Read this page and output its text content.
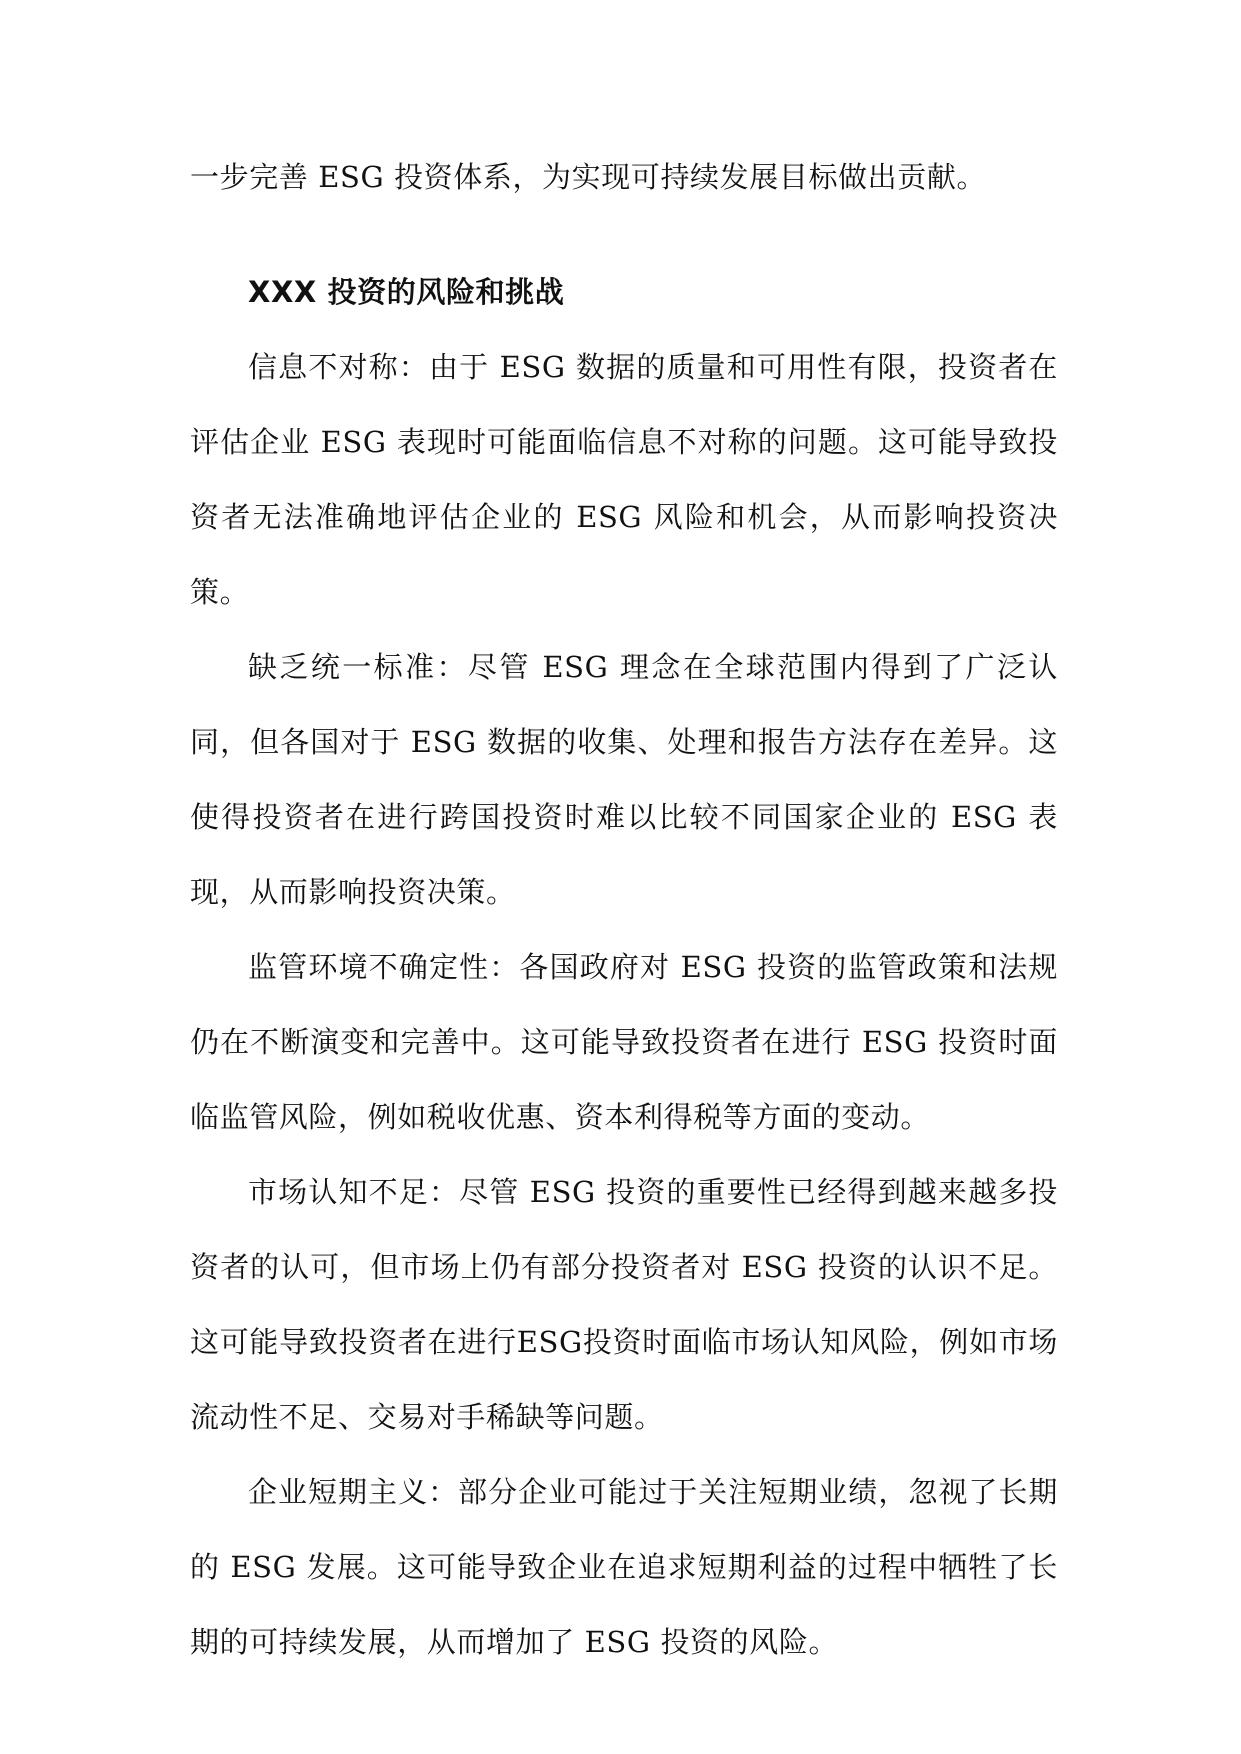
一步完善 ESG 投资体系，为实现可持续发展目标做出贡献。

XXX 投资的风险和挑战

信息不对称：由于 ESG 数据的质量和可用性有限，投资者在评估企业 ESG 表现时可能面临信息不对称的问题。这可能导致投资者无法准确地评估企业的 ESG 风险和机会，从而影响投资决策。

缺乏统一标准：尽管 ESG 理念在全球范围内得到了广泛认同，但各国对于 ESG 数据的收集、处理和报告方法存在差异。这使得投资者在进行跨国投资时难以比较不同国家企业的 ESG 表现，从而影响投资决策。

监管环境不确定性：各国政府对 ESG 投资的监管政策和法规仍在不断演变和完善中。这可能导致投资者在进行 ESG 投资时面临监管风险，例如税收优惠、资本利得税等方面的变动。

市场认知不足：尽管 ESG 投资的重要性已经得到越来越多投资者的认可，但市场上仍有部分投资者对 ESG 投资的认识不足。这可能导致投资者在进行ESG投资时面临市场认知风险，例如市场流动性不足、交易对手稀缺等问题。

企业短期主义：部分企业可能过于关注短期业绩，忽视了长期的 ESG 发展。这可能导致企业在追求短期利益的过程中牺牲了长期的可持续发展，从而增加了 ESG 投资的风险。
